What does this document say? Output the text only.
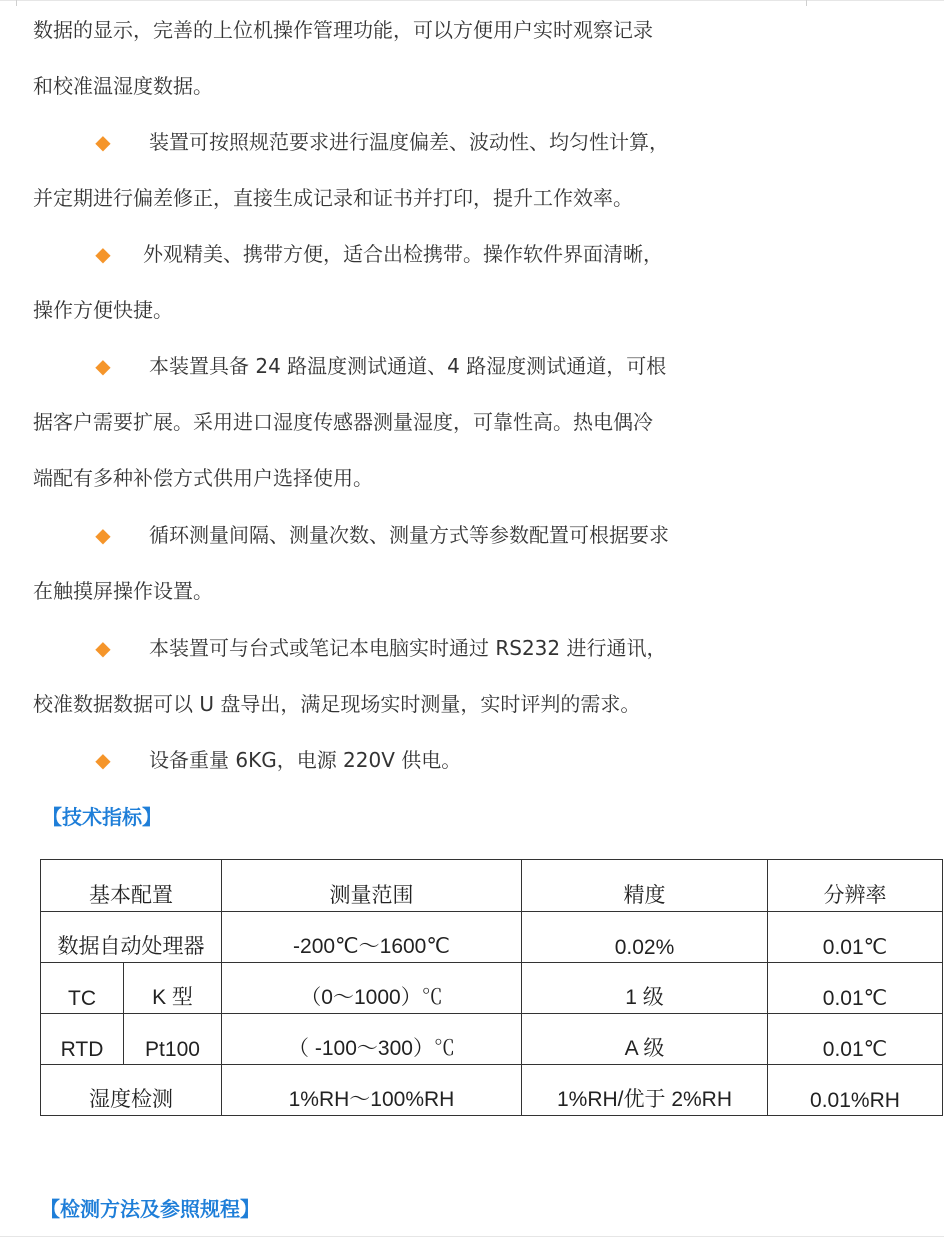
数据的显示，完善的上位机操作管理功能，可以方便用户实时观察记录
和校准温湿度数据。
◆ 装置可按照规范要求进行温度偏差、波动性、均匀性计算，
并定期进行偏差修正，直接生成记录和证书并打印，提升工作效率。
◆ 外观精美、携带方便，适合出检携带。操作软件界面清晰，
操作方便快捷。
◆ 本装置具备 24 路温度测试通道、4 路湿度测试通道，可根
据客户需要扩展。采用进口湿度传感器测量湿度，可靠性高。热电偶冷
端配有多种补偿方式供用户选择使用。
◆ 循环测量间隔、测量次数、测量方式等参数配置可根据要求
在触摸屏操作设置。
◆ 本装置可与台式或笔记本电脑实时通过 RS232 进行通讯，
校准数据数据可以 U 盘导出，满足现场实时测量，实时评判的需求。
◆ 设备重量 6KG，电源 220V 供电。
【技术指标】
基本配置		测量范围	精度	分辨率
数据自动处理器		-200℃～1600℃	0.02%	0.01℃
TC	K 型	（0～1000）℃	1 级	0.01℃
RTD	Pt100	（ -100～300）℃	A 级	0.01℃
湿度检测		1%RH～100%RH	1%RH/优于 2%RH	0.01%RH
【检测方法及参照规程】
